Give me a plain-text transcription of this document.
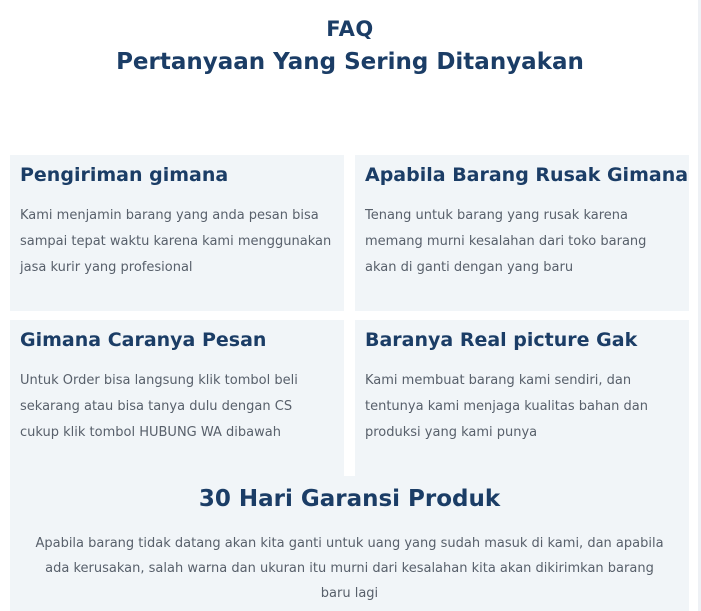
FAQ
Pertanyaan Yang Sering Ditanyakan
Pengiriman gimana

Kami menjamin barang yang anda pesan bisa sampai tepat waktu karena kami menggunakan jasa kurir yang profesional

Apabila Barang Rusak Gimana

Tenang untuk barang yang rusak karena memang murni kesalahan dari toko barang akan di ganti dengan yang baru

Gimana Caranya Pesan

Untuk Order bisa langsung klik tombol beli sekarang atau bisa tanya dulu dengan CS cukup klik tombol HUBUNG WA dibawah

Baranya Real picture Gak

Kami membuat barang kami sendiri, dan tentunya kami menjaga kualitas bahan dan produksi yang kami punya

30 Hari Garansi Produk

Apabila barang tidak datang akan kita ganti untuk uang yang sudah masuk di kami, dan apabila ada kerusakan, salah warna dan ukuran itu murni dari kesalahan kita akan dikirimkan barang baru lagi
